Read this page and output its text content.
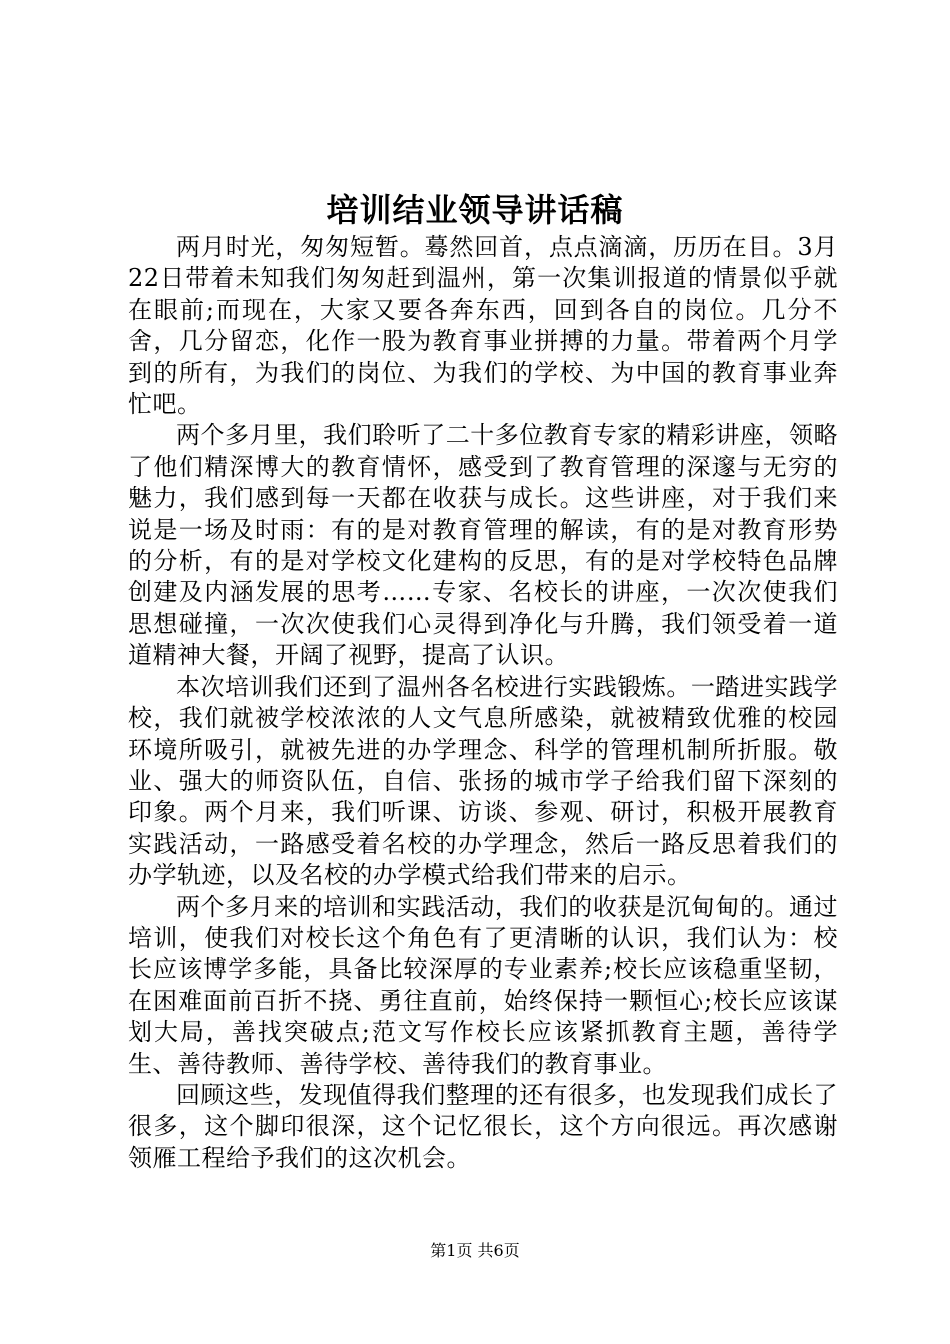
培训结业领导讲话稿

两月时光，匆匆短暂。蓦然回首，点点滴滴，历历在目。3月22日带着未知我们匆匆赶到温州，第一次集训报道的情景似乎就在眼前;而现在，大家又要各奔东西，回到各自的岗位。几分不舍，几分留恋，化作一股为教育事业拼搏的力量。带着两个月学到的所有，为我们的岗位、为我们的学校、为中国的教育事业奔忙吧。

两个多月里，我们聆听了二十多位教育专家的精彩讲座，领略了他们精深博大的教育情怀，感受到了教育管理的深邃与无穷的魅力，我们感到每一天都在收获与成长。这些讲座，对于我们来说是一场及时雨：有的是对教育管理的解读，有的是对教育形势的分析，有的是对学校文化建构的反思，有的是对学校特色品牌创建及内涵发展的思考……专家、名校长的讲座，一次次使我们思想碰撞，一次次使我们心灵得到净化与升腾，我们领受着一道道精神大餐，开阔了视野，提高了认识。

本次培训我们还到了温州各名校进行实践锻炼。一踏进实践学校，我们就被学校浓浓的人文气息所感染，就被精致优雅的校园环境所吸引，就被先进的办学理念、科学的管理机制所折服。敬业、强大的师资队伍，自信、张扬的城市学子给我们留下深刻的印象。两个月来，我们听课、访谈、参观、研讨，积极开展教育实践活动，一路感受着名校的办学理念，然后一路反思着我们的办学轨迹，以及名校的办学模式给我们带来的启示。

两个多月来的培训和实践活动，我们的收获是沉甸甸的。通过培训，使我们对校长这个角色有了更清晰的认识，我们认为：校长应该博学多能，具备比较深厚的专业素养;校长应该稳重坚韧，在困难面前百折不挠、勇往直前，始终保持一颗恒心;校长应该谋划大局，善找突破点;范文写作校长应该紧抓教育主题，善待学生、善待教师、善待学校、善待我们的教育事业。

回顾这些，发现值得我们整理的还有很多，也发现我们成长了很多，这个脚印很深，这个记忆很长，这个方向很远。再次感谢领雁工程给予我们的这次机会。

第1页 共6页
